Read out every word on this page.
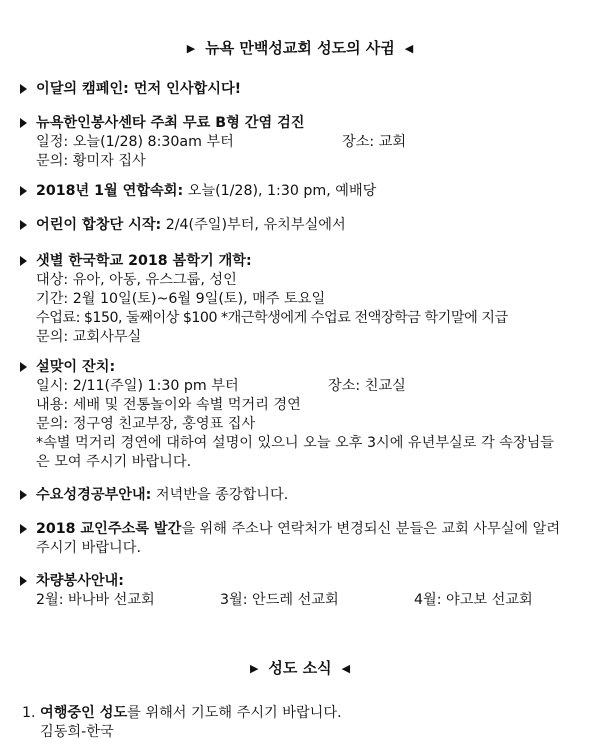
▶ 뉴욕 만백성교회 성도의 사귐 ◀
이달의 캠페인: 먼저 인사합시다!
뉴욕한인봉사센타 주최 무료 B형 간염 검진
일정: 오늘(1/28) 8:30am 부터	장소: 교회
문의: 황미자 집사
2018년 1월 연합속회: 오늘(1/28), 1:30 pm, 예배당
어린이 합창단 시작: 2/4(주일)부터, 유치부실에서
샛별 한국학교 2018 봄학기 개학:
대상: 유아, 아동, 유스그룹, 성인
기간: 2월 10일(토)~6월 9일(토), 매주 토요일
수업료: $150, 둘째이상 $100 *개근학생에게 수업료 전액장학금 학기말에 지급
문의: 교회사무실
설맞이 잔치:
일시: 2/11(주일) 1:30 pm 부터	장소: 친교실
내용: 세배 및 전통놀이와 속별 먹거리 경연
문의: 정구영 친교부장, 홍영표 집사
*속별 먹거리 경연에 대하여 설명이 있으니 오늘 오후 3시에 유년부실로 각 속장님들은 모여 주시기 바랍니다.
수요성경공부안내: 저녁반을 종강합니다.
2018 교인주소록 발간을 위해 주소나 연락처가 변경되신 분들은 교회 사무실에 알려 주시기 바랍니다.
차량봉사안내:
2월: 바나바 선교회	3월: 안드레 선교회	4월: 야고보 선교회
▶ 성도 소식 ◀
1. 여행중인 성도를 위해서 기도해 주시기 바랍니다.
김동희-한국
